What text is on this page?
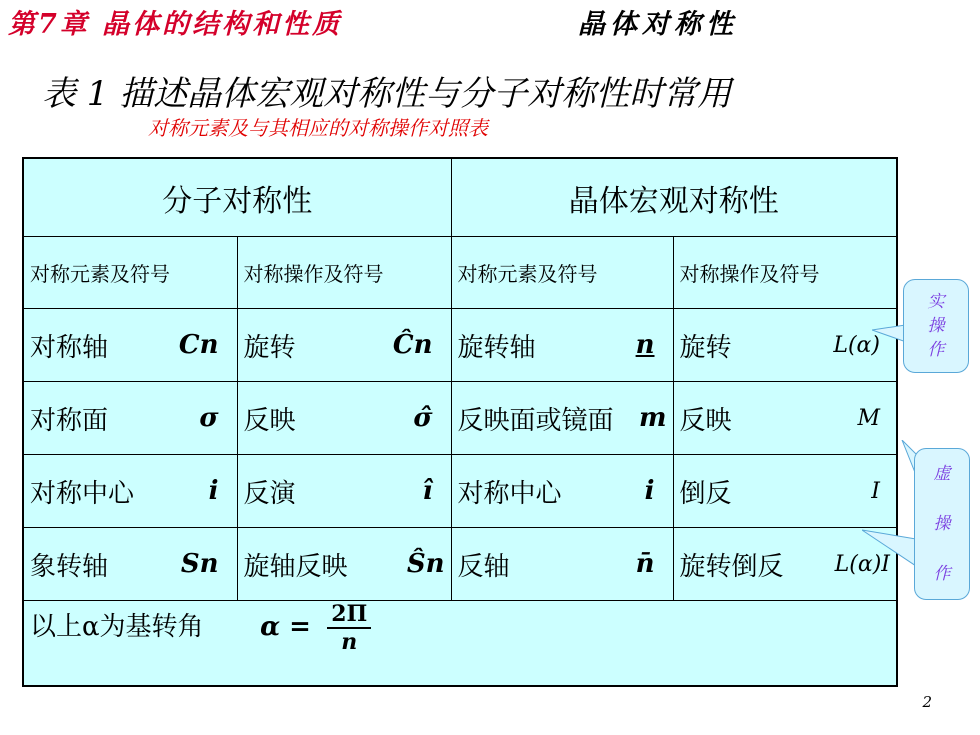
第7章 晶体的结构和性质	晶体对称性
表 1 描述晶体宏观对称性与分子对称性时常用
对称元素及与其相应的对称操作对照表
分子对称性		晶体宏观对称性	
对称元素及符号	对称操作及符号	对称元素及符号	对称操作及符号

对称轴 Cn	旋转 Ĉn	旋转轴 n	旋转 L(α)

对称面 σ	反映 σ̂	反映面或镜面 m	反映 M

对称中心 i	反演 î	对称中心 i	倒反 I

象转轴 Sn	旋轴反映 Ŝn	反轴 n̄	旋转倒反 L(α)I

以上α为基转角 $\alpha = \frac{2\Pi}{n}$
实
操
作
虚
操
作
2
